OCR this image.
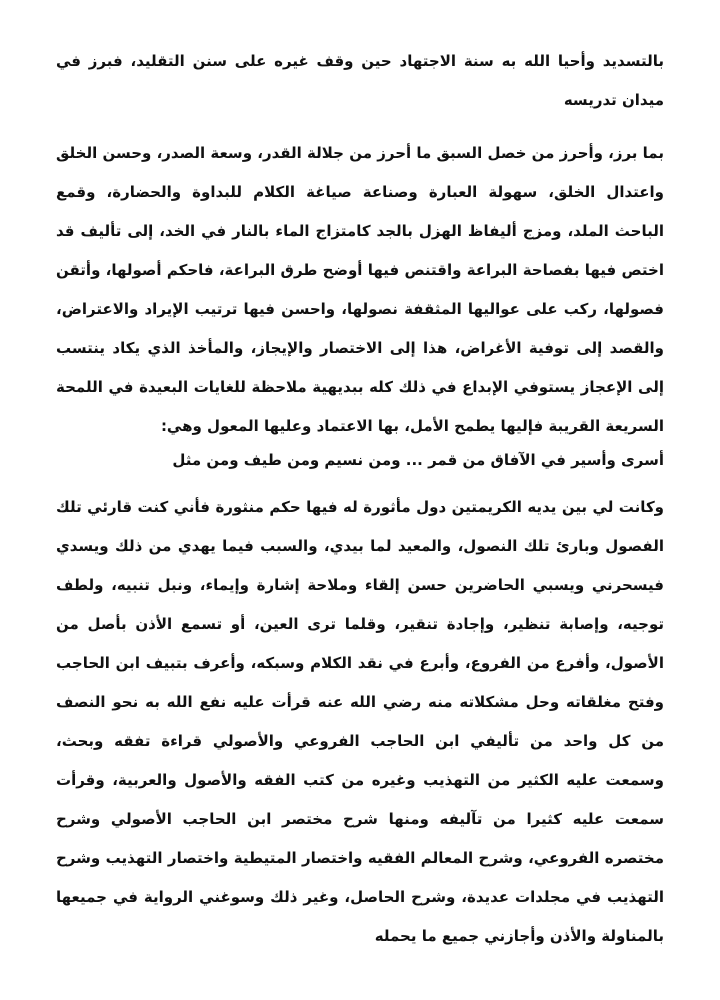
بالتسديد وأحيا الله به سنة الاجتهاد حين وقف غيره على سنن التقليد، فبرز في ميدان تدريسه

بما برز، وأحرز من خصل السبق ما أحرز من جلالة القدر، وسعة الصدر، وحسن الخلق واعتدال الخلق، سهولة العبارة وصناعة صياغة الكلام للبداوة والحضارة، وقمع الباحث الملد، ومزج أليفاظ الهزل بالجد كامتزاج الماء بالنار في الخد، إلى تأليف قد اختص فيها بفصاحة البراعة واقتنص فيها أوضح طرق البراعة، فاحكم أصولها، وأتقن فصولها، ركب على عواليها المثقفة نصولها، واحسن فيها ترتيب الإيراد والاعتراض، والقصد إلى توفية الأغراض، هذا إلى الاختصار والإيجاز، والمأخذ الذي يكاد ينتسب إلى الإعجاز يستوفي الإبداع في ذلك كله ببديهية ملاحظة للغايات البعيدة في اللمحة السريعة القريبة فإليها يطمح الأمل، بها الاعتماد وعليها المعول وهي:

أسرى وأسير في الآفاق من قمر ... ومن نسيم ومن طيف ومن مثل

وكانت لي بين يديه الكريمتين دول مأثورة له فيها حكم منثورة فأني كنت قارئي تلك الفصول وبارئ تلك النصول، والمعيد لما بيدي، والسبب فيما يهدي من ذلك ويسدي فيسحرني ويسبي الحاضرين حسن إلقاء وملاحة إشارة وإيماء، ونبل تنبيه، ولطف توجيه، وإصابة تنظير، وإجادة تنقير، وقلما ترى العين، أو تسمع الأذن بأصل من الأصول، وأفرع من الفروع، وأبرع في نقد الكلام وسبكه، وأعرف بتبيف ابن الحاجب وفتح مغلقاته وحل مشكلاته منه رضي الله عنه قرأت عليه نفع الله به نحو النصف من كل واحد من تأليفي ابن الحاجب الفروعي والأصولي قراءة تفقه وبحث، وسمعت عليه الكثير من التهذيب وغيره من كتب الفقه والأصول والعربية، وقرأت سمعت عليه كثيرا من تآليفه ومنها شرح مختصر ابن الحاجب الأصولي وشرح مختصره الفروعي، وشرح المعالم الفقيه واختصار المتيطية واختصار التهذيب وشرح التهذيب في مجلدات عديدة، وشرح الحاصل، وغير ذلك وسوغني الرواية في جميعها بالمناولة والأذن وأجازني جميع ما يحمله
